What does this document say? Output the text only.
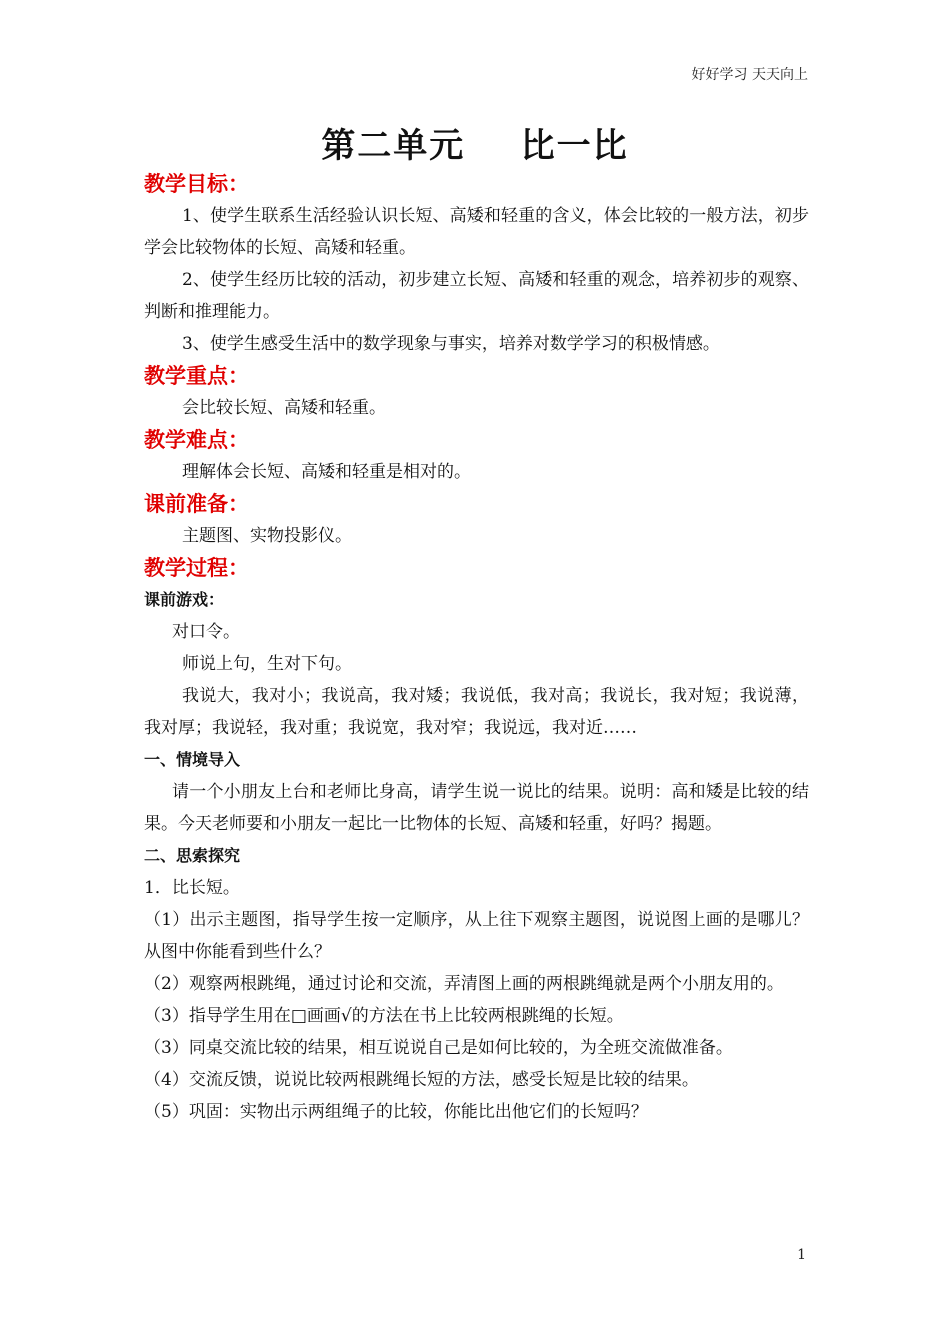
好好学习 天天向上
第二单元    比一比
教学目标：

1、使学生联系生活经验认识长短、高矮和轻重的含义，体会比较的一般方法，初步学会比较物体的长短、高矮和轻重。

2、使学生经历比较的活动，初步建立长短、高矮和轻重的观念，培养初步的观察、判断和推理能力。

3、使学生感受生活中的数学现象与事实，培养对数学学习的积极情感。

教学重点：

会比较长短、高矮和轻重。

教学难点：

理解体会长短、高矮和轻重是相对的。

课前准备：

主题图、实物投影仪。

教学过程：
课前游戏：

对口令。

师说上句，生对下句。

我说大，我对小；我说高，我对矮；我说低，我对高；我说长，我对短；我说薄，我对厚；我说轻，我对重；我说宽，我对窄；我说远，我对近……

一、情境导入

请一个小朋友上台和老师比身高，请学生说一说比的结果。说明：高和矮是比较的结果。今天老师要和小朋友一起比一比物体的长短、高矮和轻重，好吗？揭题。

二、思索探究

1．比长短。

（1）出示主题图，指导学生按一定顺序，从上往下观察主题图，说说图上画的是哪儿？从图中你能看到些什么？

（2）观察两根跳绳，通过讨论和交流，弄清图上画的两根跳绳就是两个小朋友用的。

（3）指导学生用在□画画√的方法在书上比较两根跳绳的长短。

（3）同桌交流比较的结果，相互说说自己是如何比较的，为全班交流做准备。

（4）交流反馈，说说比较两根跳绳长短的方法，感受长短是比较的结果。

（5）巩固：实物出示两组绳子的比较，你能比出他它们的长短吗？

1
